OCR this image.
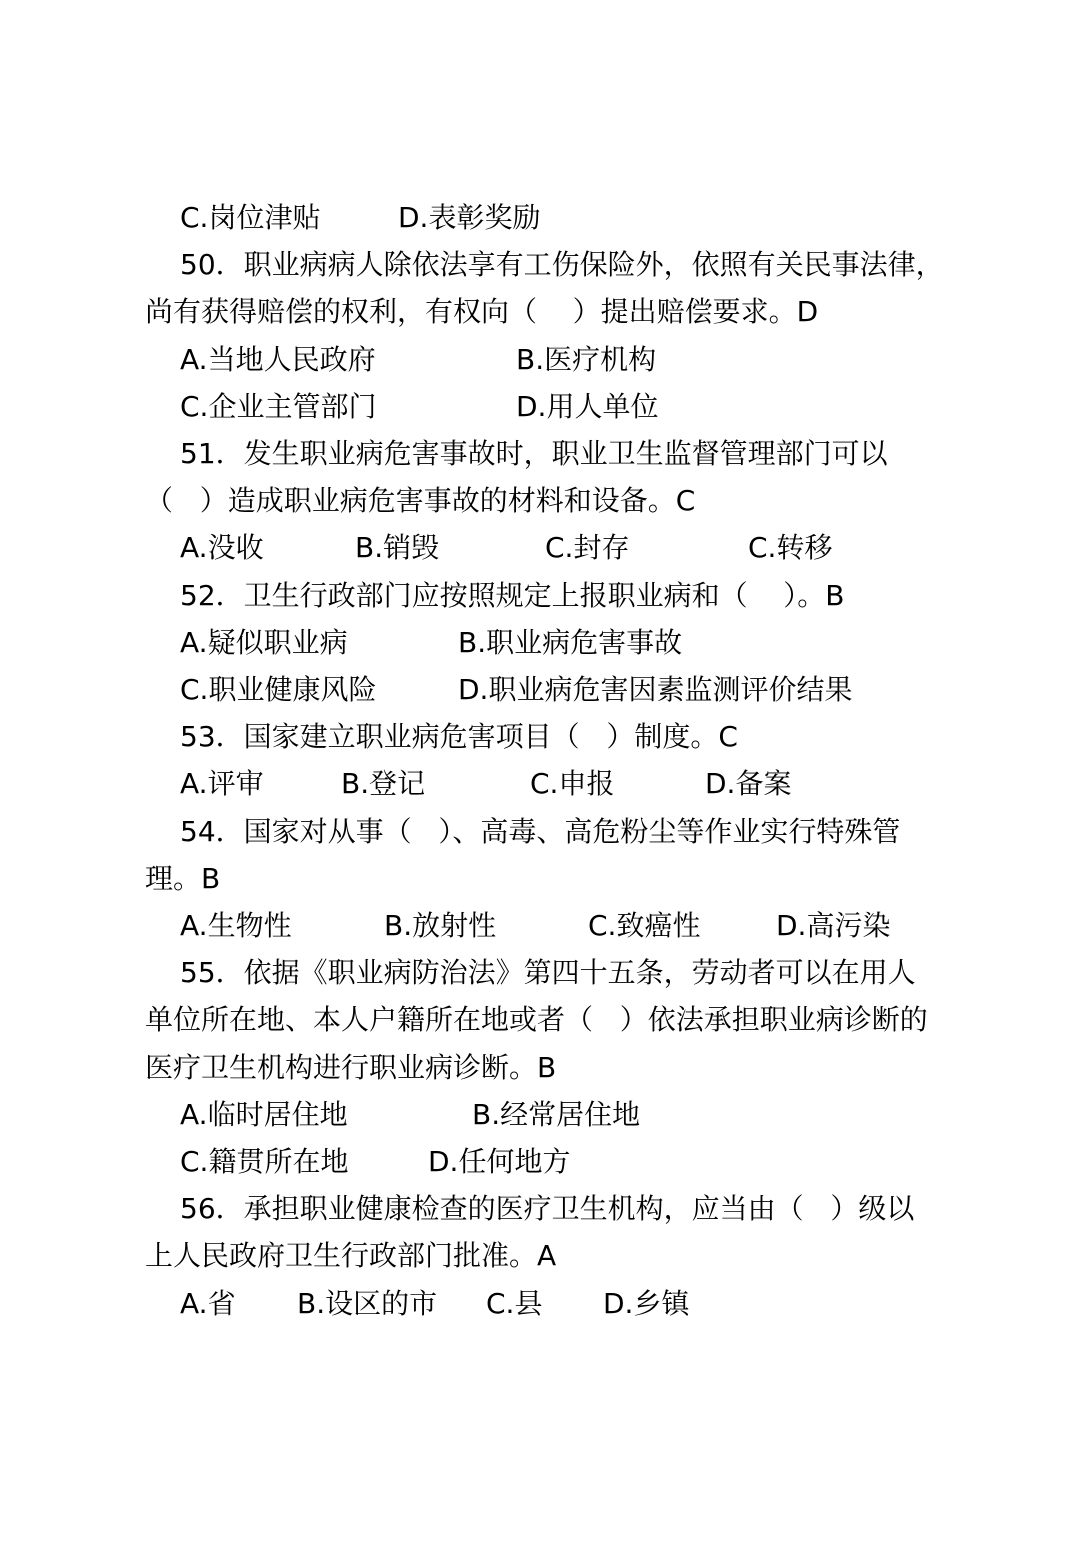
C.岗位津贴

	D.表彰奖励

50．职业病病人除依法享有工伤保险外，依照有关民事法律，

尚有获得赔偿的权利，有权向（    ）提出赔偿要求。D

A.当地人民政府

	B.医疗机构

C.企业主管部门

	D.用人单位

51．发生职业病危害事故时，职业卫生监督管理部门可以

（   ）造成职业病危害事故的材料和设备。C

A.没收

	B.销毁

	C.封存

	C.转移

52．卫生行政部门应按照规定上报职业病和（    ）。B

A.疑似职业病

	B.职业病危害事故

C.职业健康风险

	D.职业病危害因素监测评价结果

53．国家建立职业病危害项目（   ）制度。C

A.评审

	B.登记

	C.申报

	D.备案

54．国家对从事（   ）、高毒、高危粉尘等作业实行特殊管

理。B

A.生物性

	B.放射性

	C.致癌性

	D.高污染

55．依据《职业病防治法》第四十五条，劳动者可以在用人

单位所在地、本人户籍所在地或者（   ）依法承担职业病诊断的

医疗卫生机构进行职业病诊断。B

A.临时居住地

	B.经常居住地

C.籍贯所在地

	D.任何地方

56．承担职业健康检查的医疗卫生机构，应当由（   ）级以

上人民政府卫生行政部门批准。A

A.省

B.设区的市

C.县

D.乡镇
